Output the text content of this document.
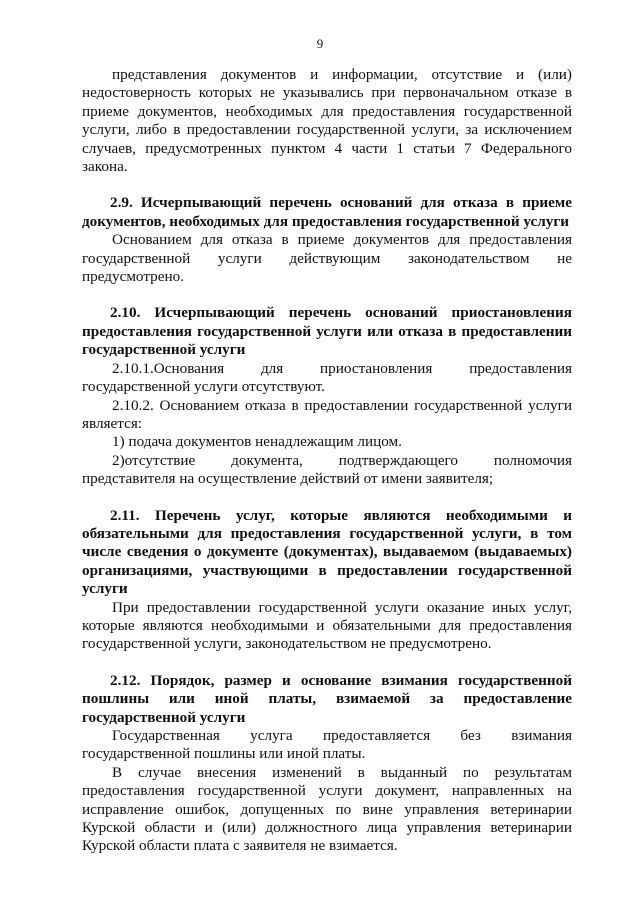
9

представления документов и информации, отсутствие и (или) недостоверность которых не указывались при первоначальном отказе в приеме документов, необходимых для предоставления государственной услуги, либо в предоставлении государственной услуги, за исключением случаев, предусмотренных пунктом 4 части 1 статьи 7 Федерального закона.

2.9. Исчерпывающий перечень оснований для отказа в приеме документов, необходимых для предоставления государственной услуги

Основанием для отказа в приеме документов для предоставления государственной услуги действующим законодательством не предусмотрено.

2.10. Исчерпывающий перечень оснований приостановления предоставления государственной услуги или отказа в предоставлении государственной услуги

2.10.1.Основания для приостановления предоставления государственной услуги отсутствуют.

2.10.2. Основанием отказа в предоставлении государственной услуги является:

1) подача документов ненадлежащим лицом.

2)отсутствие документа, подтверждающего полномочия представителя на осуществление действий от имени заявителя;

2.11. Перечень услуг, которые являются необходимыми и обязательными для предоставления государственной услуги, в том числе сведения о документе (документах), выдаваемом (выдаваемых) организациями, участвующими в предоставлении государственной услуги

При предоставлении государственной услуги оказание иных услуг, которые являются необходимыми и обязательными для предоставления государственной услуги, законодательством не предусмотрено.

2.12. Порядок, размер и основание взимания государственной пошлины или иной платы, взимаемой за предоставление государственной услуги

Государственная услуга предоставляется без взимания государственной пошлины или иной платы.

В случае внесения изменений в выданный по результатам предоставления государственной услуги документ, направленных на исправление ошибок, допущенных по вине управления ветеринарии Курской области и (или) должностного лица управления ветеринарии Курской области плата с заявителя не взимается.
